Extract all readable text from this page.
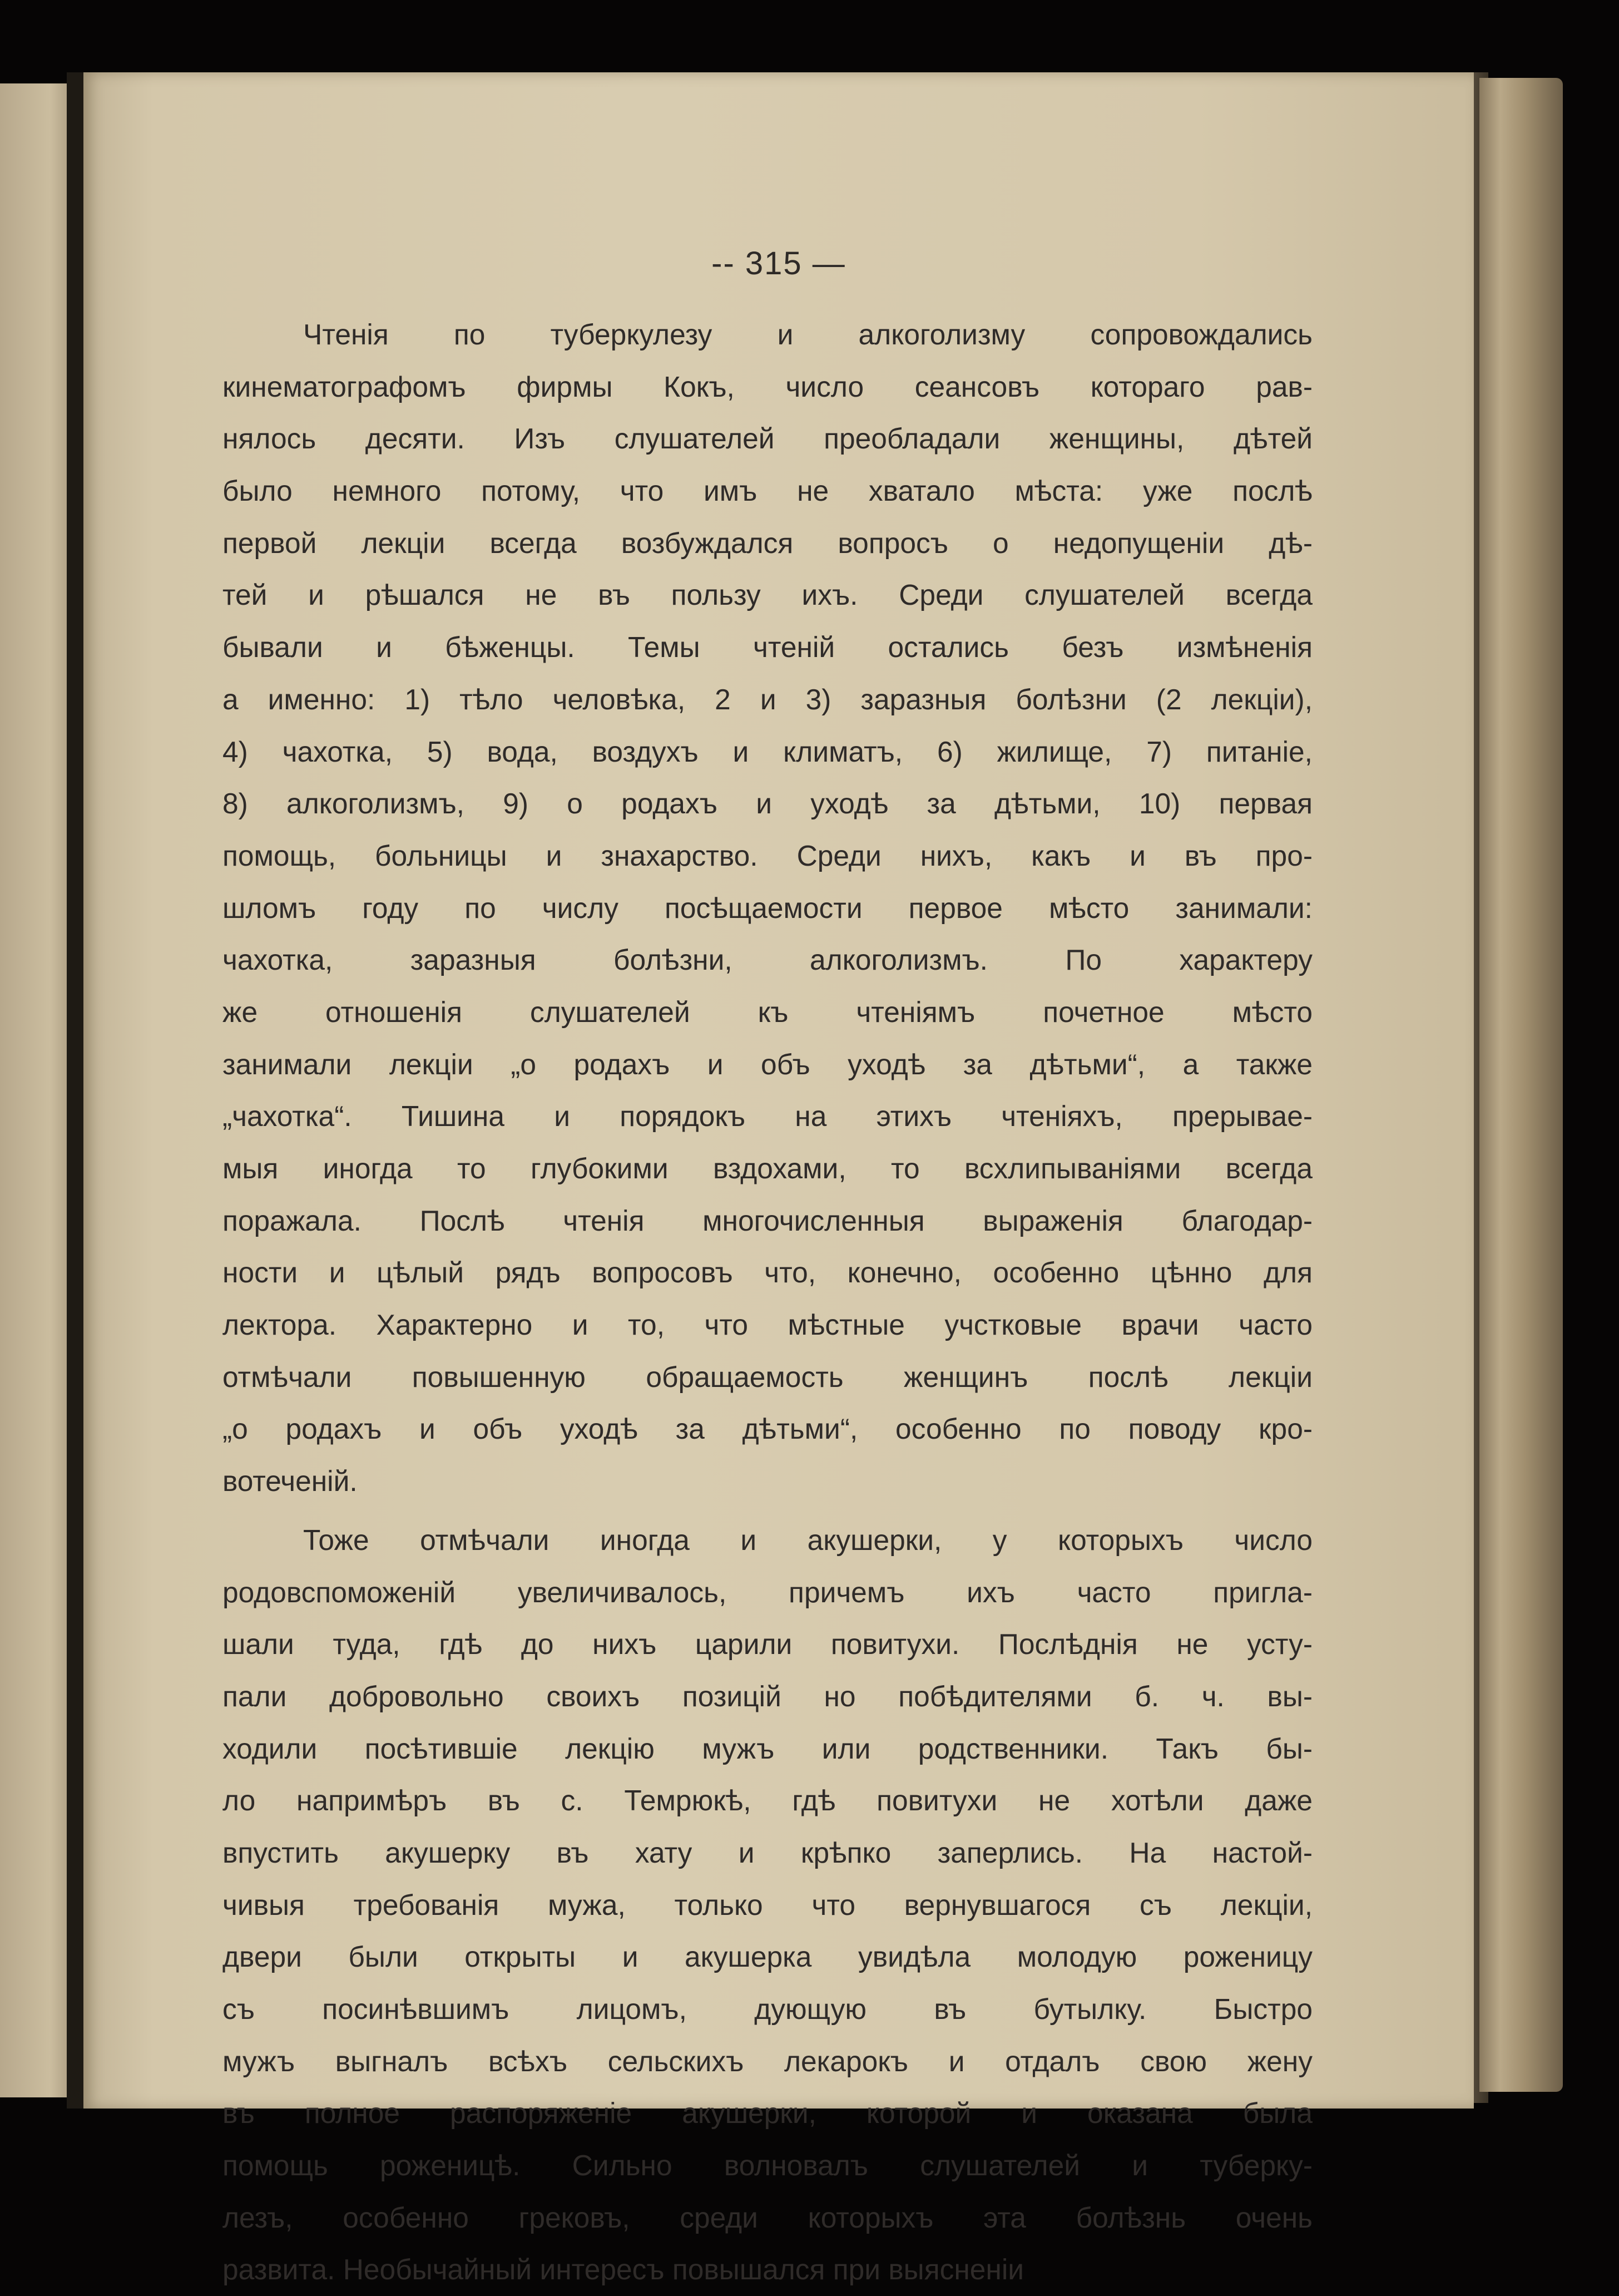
-- 315 —
Чтенія по туберкулезу и алкоголизму сопровождались
кинематографомъ фирмы Кокъ, число сеансовъ котораго рав-
нялось десяти. Изъ слушателей преобладали женщины, дѣтей
было немного потому, что имъ не хватало мѣста: уже послѣ
первой лекціи всегда возбуждался вопросъ о недопущеніи дѣ-
тей и рѣшался не въ пользу ихъ. Среди слушателей всегда
бывали и бѣженцы. Темы чтеній остались безъ измѣненія
а именно: 1) тѣло человѣка, 2 и 3) заразныя болѣзни (2 лекціи),
4) чахотка, 5) вода, воздухъ и климатъ, 6) жилище, 7) питаніе,
8) алкоголизмъ, 9) о родахъ и уходѣ за дѣтьми, 10) первая
помощь, больницы и знахарство. Среди нихъ, какъ и въ про-
шломъ году по числу посѣщаемости первое мѣсто занимали:
чахотка, заразныя болѣзни, алкоголизмъ. По характеру
же отношенія слушателей къ чтеніямъ почетное мѣсто
занимали лекціи „о родахъ и объ уходѣ за дѣтьми“, а также
„чахотка“. Тишина и порядокъ на этихъ чтеніяхъ, прерывае-
мыя иногда то глубокими вздохами, то всхлипываніями всегда
поражала. Послѣ чтенія многочисленныя выраженія благодар-
ности и цѣлый рядъ вопросовъ что, конечно, особенно цѣнно для
лектора. Характерно и то, что мѣстные учстковые врачи часто
отмѣчали повышенную обращаемость женщинъ послѣ лекціи
„о родахъ и объ уходѣ за дѣтьми“, особенно по поводу кро-
вотеченій.
Тоже отмѣчали иногда и акушерки, у которыхъ число
родовспоможеній увеличивалось, причемъ ихъ часто пригла-
шали туда, гдѣ до нихъ царили повитухи. Послѣднія не усту-
пали добровольно своихъ позицій но побѣдителями б. ч. вы-
ходили посѣтившіе лекцію мужъ или родственники. Такъ бы-
ло напримѣръ въ с. Темрюкѣ, гдѣ повитухи не хотѣли даже
впустить акушерку въ хату и крѣпко заперлись. На настой-
чивыя требованія мужа, только что вернувшагося съ лекціи,
двери были открыты и акушерка увидѣла молодую роженицу
съ посинѣвшимъ лицомъ, дующую въ бутылку. Быстро
мужъ выгналъ всѣхъ сельскихъ лекарокъ и отдалъ свою жену
въ полное распоряженіе акушерки, которой и оказана была
помощь роженицѣ. Сильно волновалъ слушателей и туберку-
лезъ, особенно грековъ, среди которыхъ эта болѣзнь очень
развита. Необычайный интересъ повышался при выясненіи
